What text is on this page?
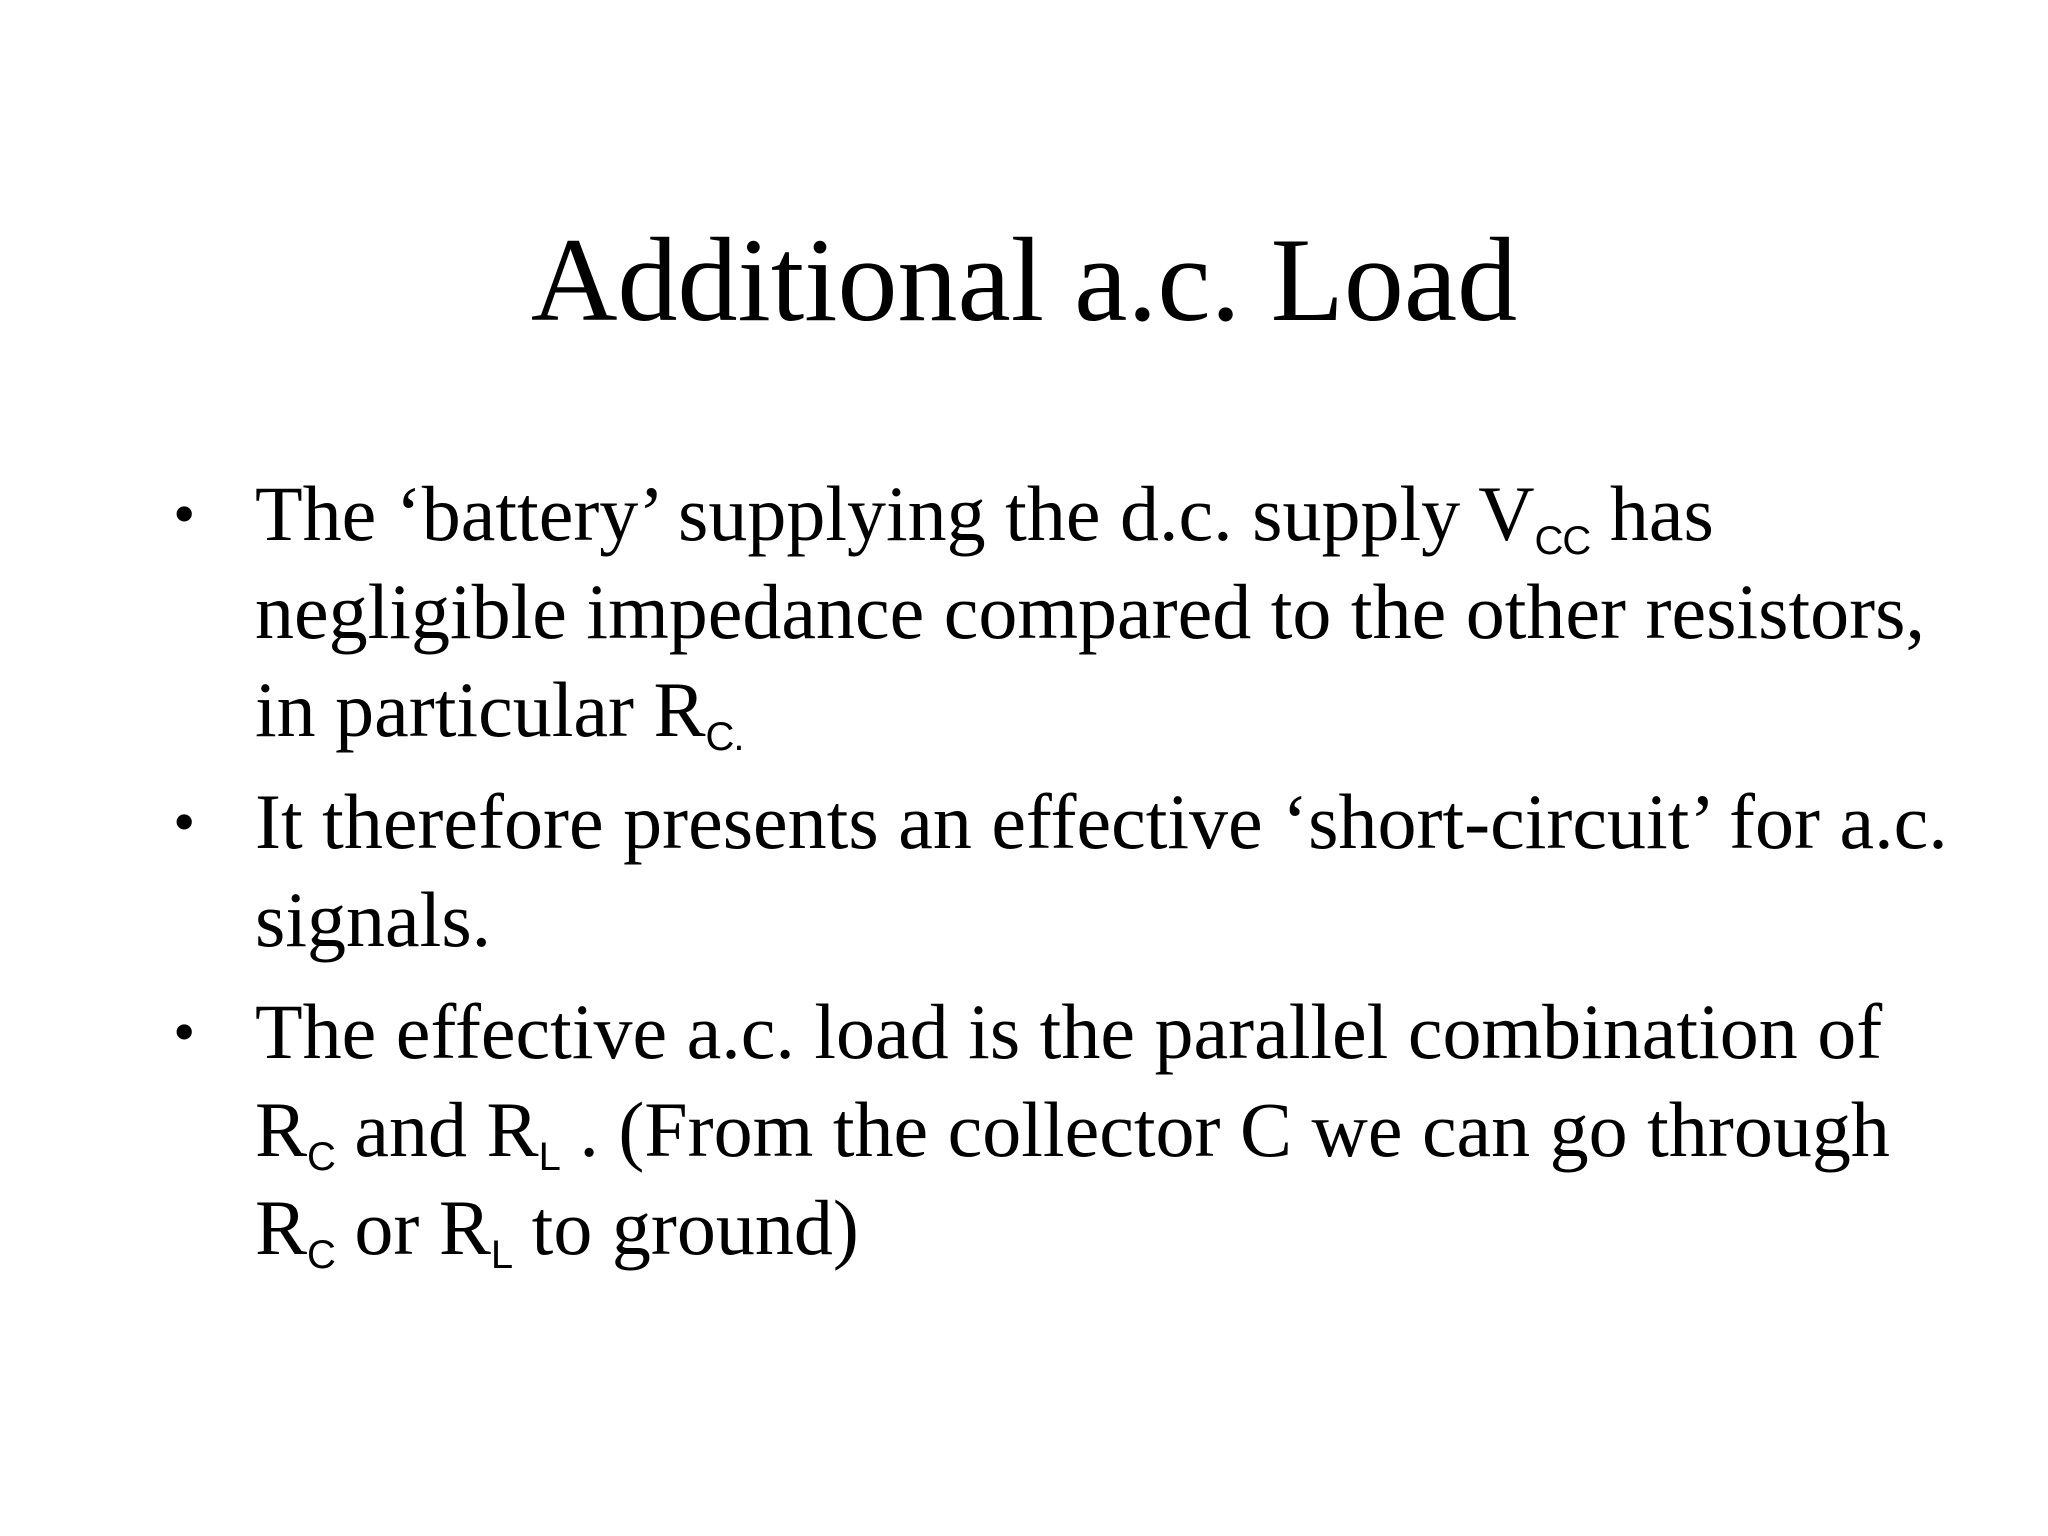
Additional a.c. Load
• The ‘battery’ supplying the d.c. supply $V_{CC}$ has negligible impedance compared to the other resistors, in particular $R_{C.}$
• It therefore presents an effective ‘short-circuit’ for a.c. signals.
• The effective a.c. load is the parallel combination of $R_C$ and $R_L$ . (From the collector C we can go through $R_C$ or $R_L$ to ground)
